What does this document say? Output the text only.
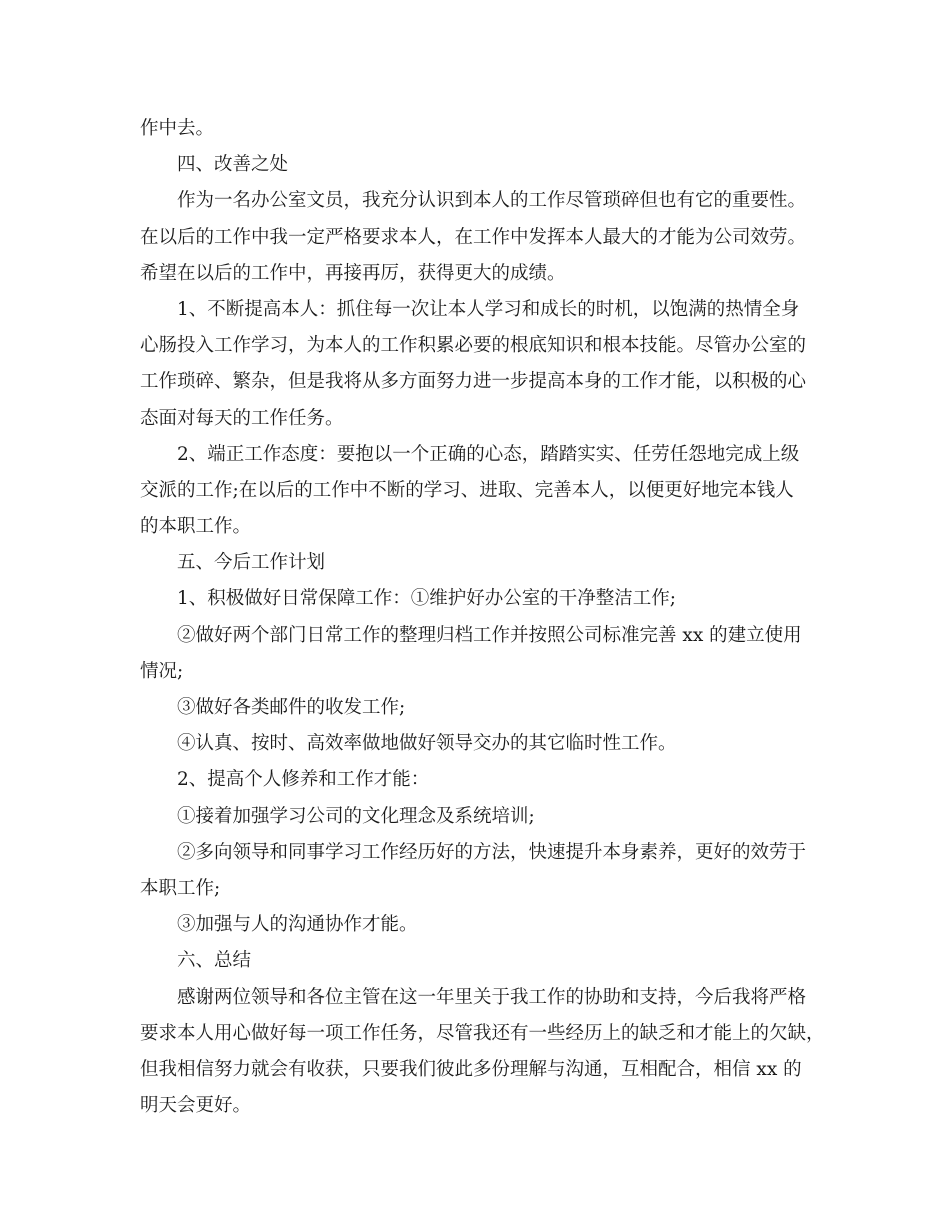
作中去。
四、改善之处
作为一名办公室文员，我充分认识到本人的工作尽管琐碎但也有它的重要性。
在以后的工作中我一定严格要求本人，在工作中发挥本人最大的才能为公司效劳。
希望在以后的工作中，再接再厉，获得更大的成绩。
1、不断提高本人：抓住每一次让本人学习和成长的时机，以饱满的热情全身
心肠投入工作学习，为本人的工作积累必要的根底知识和根本技能。尽管办公室的
工作琐碎、繁杂，但是我将从多方面努力进一步提高本身的工作才能，以积极的心
态面对每天的工作任务。
2、端正工作态度：要抱以一个正确的心态，踏踏实实、任劳任怨地完成上级
交派的工作;在以后的工作中不断的学习、进取、完善本人，以便更好地完本钱人
的本职工作。
五、今后工作计划
1、积极做好日常保障工作：①维护好办公室的干净整洁工作;
②做好两个部门日常工作的整理归档工作并按照公司标准完善 xx 的建立使用
情况;
③做好各类邮件的收发工作;
④认真、按时、高效率做地做好领导交办的其它临时性工作。
2、提高个人修养和工作才能：
①接着加强学习公司的文化理念及系统培训;
②多向领导和同事学习工作经历好的方法，快速提升本身素养，更好的效劳于
本职工作;
③加强与人的沟通协作才能。
六、总结
感谢两位领导和各位主管在这一年里关于我工作的协助和支持，今后我将严格
要求本人用心做好每一项工作任务，尽管我还有一些经历上的缺乏和才能上的欠缺，
但我相信努力就会有收获，只要我们彼此多份理解与沟通，互相配合，相信 xx 的
明天会更好。
